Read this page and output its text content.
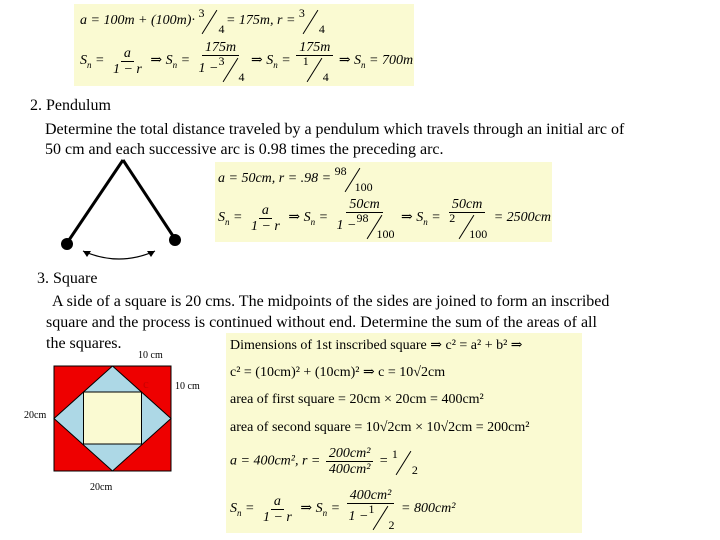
a = 100m + (100m)·
3
4
= 175m, r =
3
4
$S_n = \frac{a}{1 - r}$ ⇒ $S_n = 175m$
1 −
3
4 ⇒ $S_n = 175m$
1
4 ⇒ $S_n = 700m$
2. Pendulum
Determine the total distance traveled by a pendulum which travels through an initial arc of
50 cm and each successive arc is 0.98 times the preceding arc.
a = 50cm, r = .98 =
98
100
$S_n = \frac{a}{1 - r}$ ⇒ $S_n = 50cm$
1 −
98
100 ⇒ $S_n = 50cm$
2
100 = 2500cm
3. Square
A side of a square is 20 cms. The midpoints of the sides are joined to form an inscribed
square and the process is continued without end. Determine the sum of the areas of all
the squares.
10 cm
10 cm
20cm
20cm
c
Dimensions of 1st inscribed square ⇒ c² = a² + b² ⇒
c² = (10cm)² + (10cm)² ⇒ c = 10√2cm
area of first square = 20cm × 20cm = 400cm²
area of second square = 10√2cm × 10√2cm = 200cm²
a = 400cm², $r = \frac{\text{200cm²}}{\text{400cm²}}$ =
1
2
$S_n = \frac{a}{1 - r}$ ⇒ $S_n = 400cm^2$
1 −
1
2 = 800cm²
